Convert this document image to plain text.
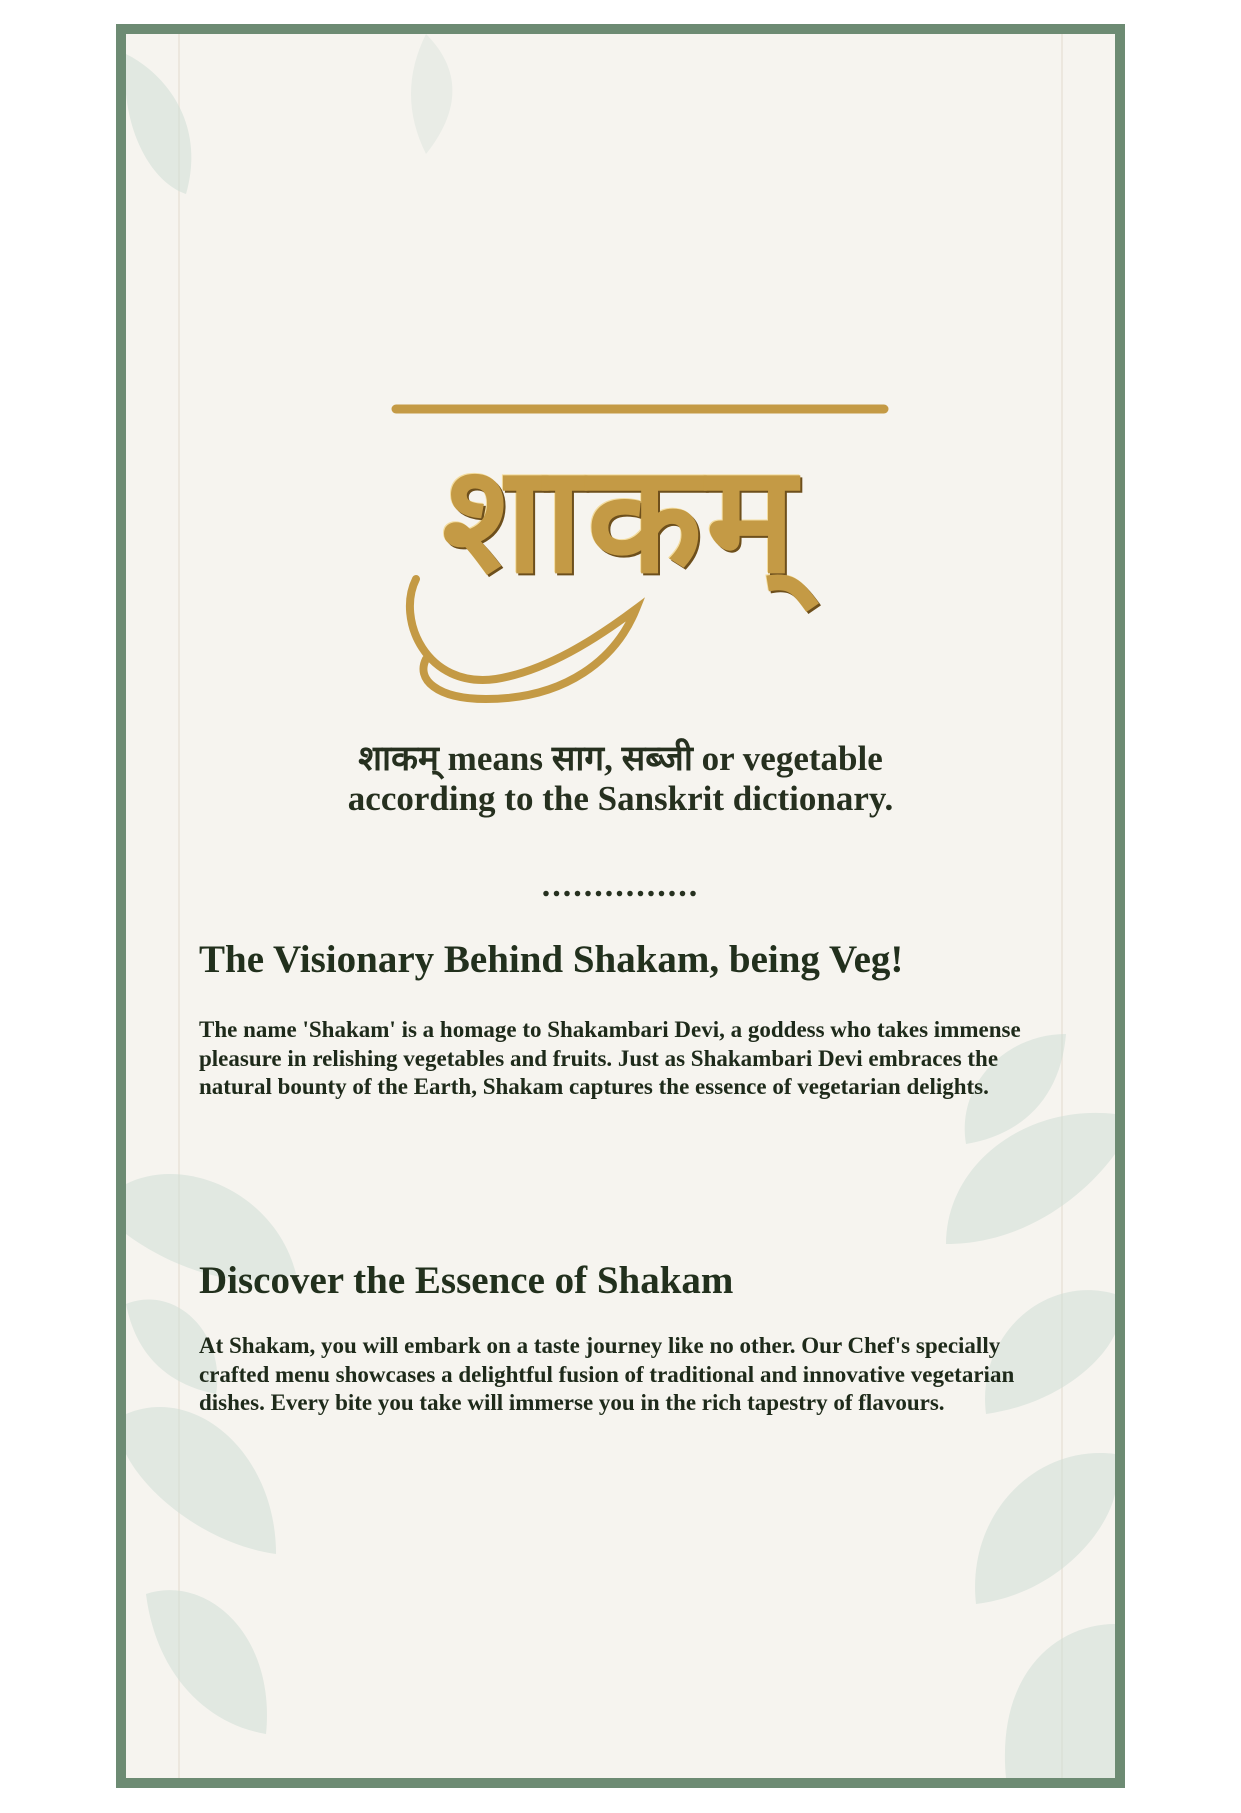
शाकम्
शाकम् means साग, सब्जी or vegetable
according to the Sanskrit dictionary.
...............
The Visionary Behind Shakam, being Veg!

The name 'Shakam' is a homage to Shakambari Devi, a goddess who takes immense pleasure in relishing vegetables and fruits. Just as Shakambari Devi embraces the natural bounty of the Earth, Shakam captures the essence of vegetarian delights.

Discover the Essence of Shakam

At Shakam, you will embark on a taste journey like no other. Our Chef's specially crafted menu showcases a delightful fusion of traditional and innovative vegetarian dishes. Every bite you take will immerse you in the rich tapestry of flavours.
